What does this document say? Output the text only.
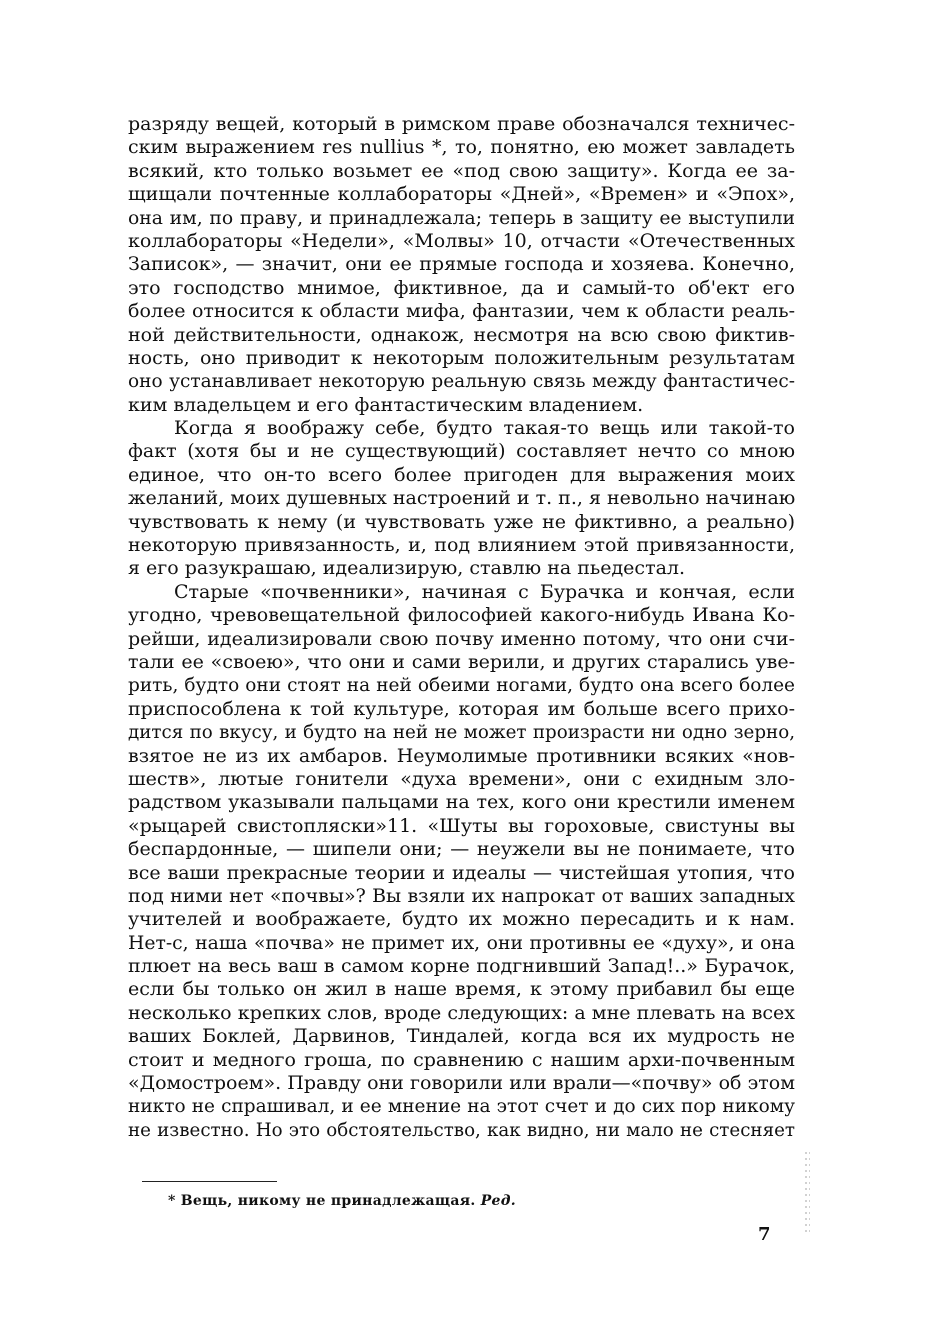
разряду вещей, который в римском праве обозначался техничес-
ским выражением res nullius *, то, понятно, ею может завладеть
всякий, кто только возьмет ее «под свою защиту». Когда ее за-
щищали почтенные коллабораторы «Дней», «Времен» и «Эпох»,
она им, по праву, и принадлежала; теперь в защиту ее выступили
коллабораторы «Недели», «Молвы» 10, отчасти «Отечественных
Записок», — значит, они ее прямые господа и хозяева. Конечно,
это господство мнимое, фиктивное, да и самый-то об'ект его
более относится к области мифа, фантазии, чем к области реаль-
ной действительности, однакож, несмотря на всю свою фиктив-
ность, оно приводит к некоторым положительным результатам
оно устанавливает некоторую реальную связь между фантастичес-
ким владельцем и его фантастическим владением.
Когда я воображу себе, будто такая-то вещь или такой-то
факт (хотя бы и не существующий) составляет нечто со мною
единое, что он-то всего более пригоден для выражения моих
желаний, моих душевных настроений и т. п., я невольно начинаю
чувствовать к нему (и чувствовать уже не фиктивно, а реально)
некоторую привязанность, и, под влиянием этой привязанности,
я его разукрашаю, идеализирую, ставлю на пьедестал.
Старые «почвенники», начиная с Бурачка и кончая, если
угодно, чревовещательной философией какого-нибудь Ивана Ко-
рейши, идеализировали свою почву именно потому, что они счи-
тали ее «своею», что они и сами верили, и других старались уве-
рить, будто они стоят на ней обеими ногами, будто она всего более
приспособлена к той культуре, которая им больше всего прихо-
дится по вкусу, и будто на ней не может произрасти ни одно зерно,
взятое не из их амбаров. Неумолимые противники всяких «нов-
шеств», лютые гонители «духа времени», они с ехидным зло-
радством указывали пальцами на тех, кого они крестили именем
«рыцарей свистопляски»11. «Шуты вы гороховые, свистуны вы
беспардонные, — шипели они; — неужели вы не понимаете, что
все ваши прекрасные теории и идеалы — чистейшая утопия, что
под ними нет «почвы»? Вы взяли их напрокат от ваших западных
учителей и воображаете, будто их можно пересадить и к нам.
Нет-с, наша «почва» не примет их, они противны ее «духу», и она
плюет на весь ваш в самом корне подгнивший Запад!..» Бурачок,
если бы только он жил в наше время, к этому прибавил бы еще
несколько крепких слов, вроде следующих: а мне плевать на всех
ваших Боклей, Дарвинов, Тиндалей, когда вся их мудрость не
стоит и медного гроша, по сравнению с нашим архи-почвенным
«Домостроем». Правду они говорили или врали—«почву» об этом
никто не спрашивал, и ее мнение на этот счет и до сих пор никому
не известно. Но это обстоятельство, как видно, ни мало не стесняет
* Вещь, никому не принадлежащая. Ред.
7
